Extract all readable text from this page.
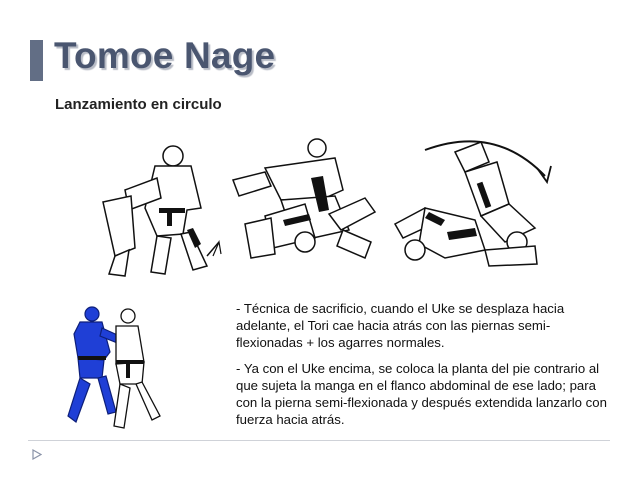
Tomoe Nage
Lanzamiento en circulo

- Técnica de sacrificio, cuando el Uke se desplaza hacia adelante, el Tori cae hacia atrás con las piernas semi-flexionadas + los agarres normales.

- Ya con el Uke encima, se coloca la planta del pie contrario al que sujeta la manga en el flanco abdominal de ese lado; para con la pierna semi-flexionada y después extendida lanzarlo con fuerza hacia atrás.
